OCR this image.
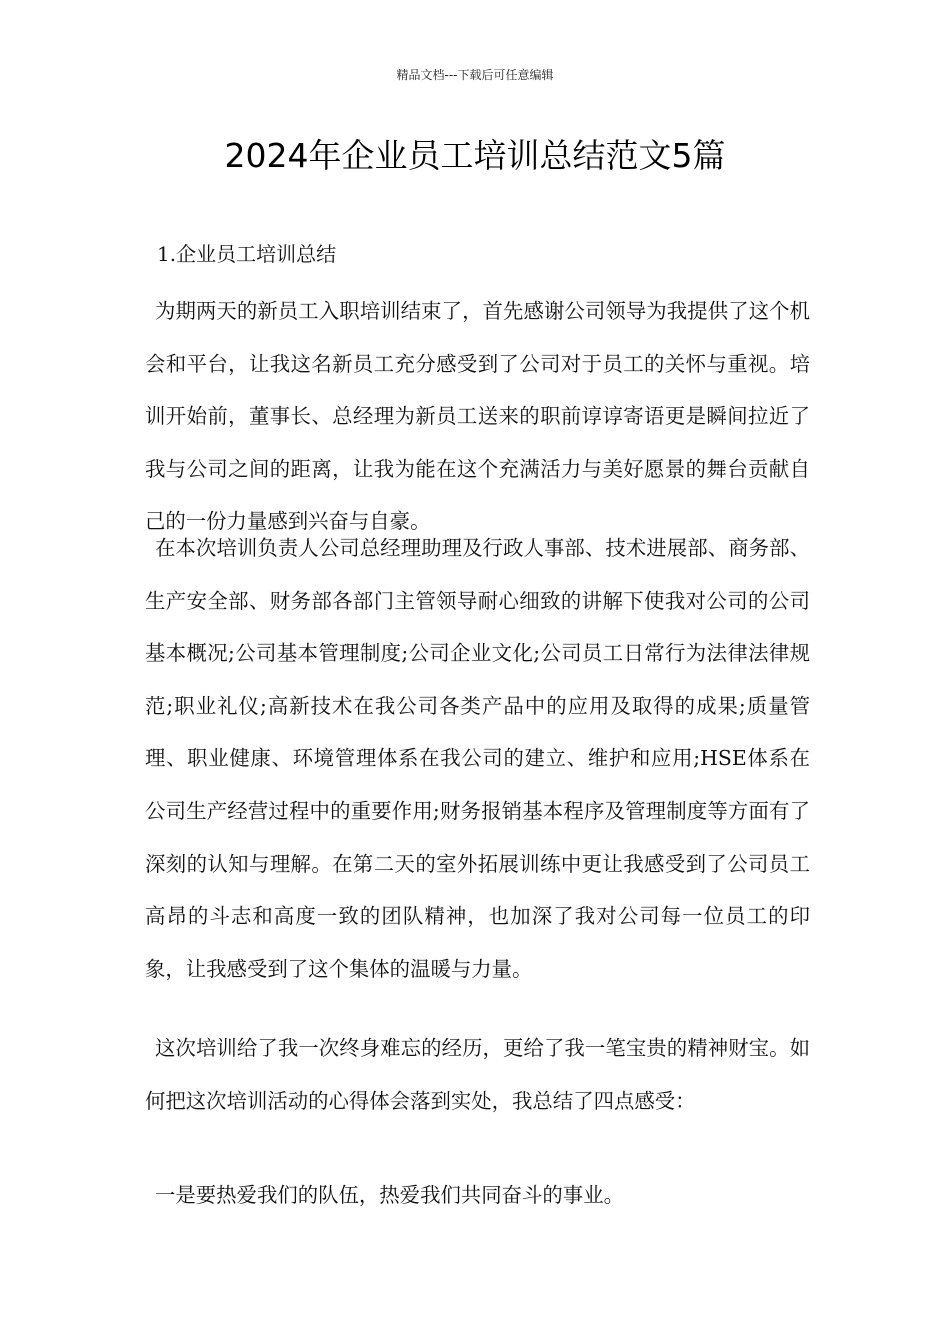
精品文档---下载后可任意编辑
2024年企业员工培训总结范文5篇
1.企业员工培训总结

为期两天的新员工入职培训结束了，首先感谢公司领导为我提供了这个机会和平台，让我这名新员工充分感受到了公司对于员工的关怀与重视。培训开始前，董事长、总经理为新员工送来的职前谆谆寄语更是瞬间拉近了我与公司之间的距离，让我为能在这个充满活力与美好愿景的舞台贡献自己的一份力量感到兴奋与自豪。

在本次培训负责人公司总经理助理及行政人事部、技术进展部、商务部、生产安全部、财务部各部门主管领导耐心细致的讲解下使我对公司的公司基本概况;公司基本管理制度;公司企业文化;公司员工日常行为法律法律规范;职业礼仪;高新技术在我公司各类产品中的应用及取得的成果;质量管理、职业健康、环境管理体系在我公司的建立、维护和应用;HSE体系在公司生产经营过程中的重要作用;财务报销基本程序及管理制度等方面有了深刻的认知与理解。在第二天的室外拓展训练中更让我感受到了公司员工高昂的斗志和高度一致的团队精神，也加深了我对公司每一位员工的印象，让我感受到了这个集体的温暖与力量。

这次培训给了我一次终身难忘的经历，更给了我一笔宝贵的精神财宝。如何把这次培训活动的心得体会落到实处，我总结了四点感受：

一是要热爱我们的队伍，热爱我们共同奋斗的事业。
